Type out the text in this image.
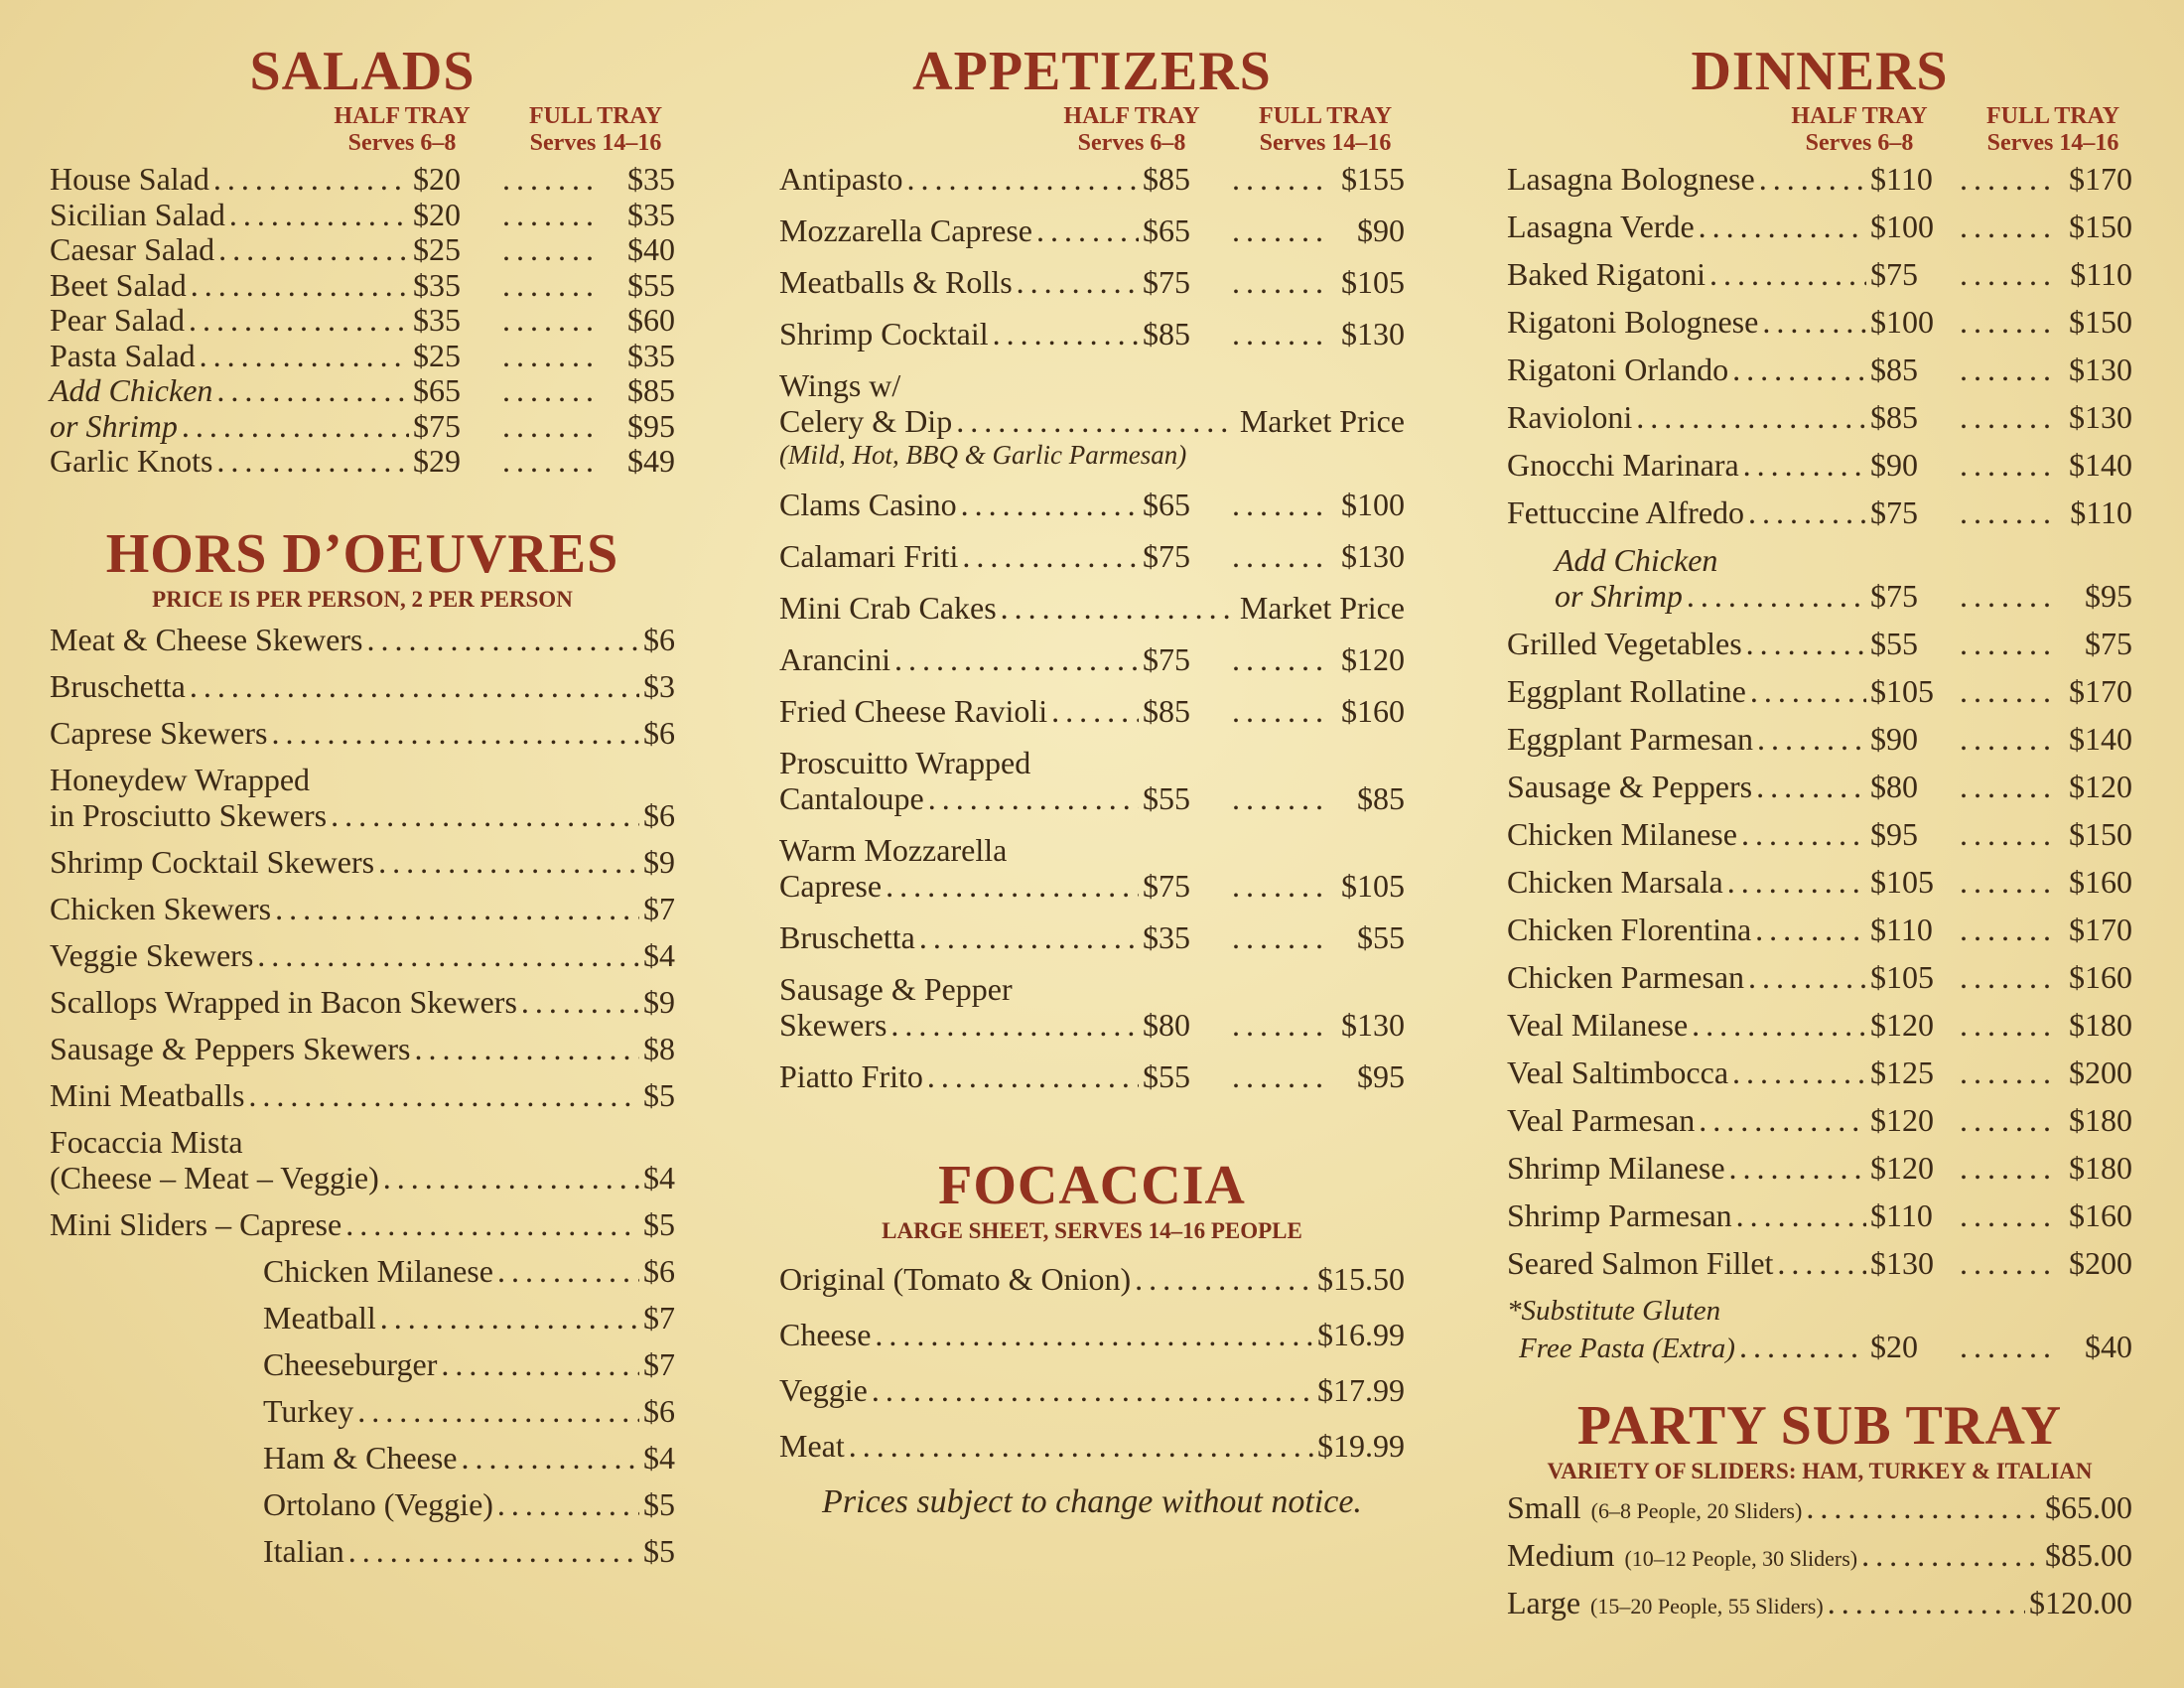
SALADS
HALF TRAY
Serves 6–8
FULL TRAY
Serves 14–16
House Salad . . .	$20 . . .	$35
Sicilian Salad . . .	$20 . . .	$35
Caesar Salad . . .	$25 . . .	$40
Beet Salad . . .	$35 . . .	$55
Pear Salad . . .	$35 . . .	$60
Pasta Salad . . .	$25 . . .	$35
Add Chicken . . .	$65 . . .	$85
or Shrimp . . .	$75 . . .	$95
Garlic Knots . . .	$29 . . .	$49
HORS D’OEUVRES
PRICE IS PER PERSON, 2 PER PERSON
Meat & Cheese Skewers . . .	$6
Bruschetta . . .	$3
Caprese Skewers . . .	$6
Honeydew Wrapped
in Prosciutto Skewers . . .	$6
Shrimp Cocktail Skewers . . .	$9
Chicken Skewers . . .	$7
Veggie Skewers . . .	$4
Scallops Wrapped in Bacon Skewers . . .	$9
Sausage & Peppers Skewers . . .	$8
Mini Meatballs . . .	$5
Focaccia Mista
(Cheese – Meat – Veggie) . . .	$4
Mini Sliders – Caprese . . .	$5
Chicken Milanese . . .	$6
Meatball . . .	$7
Cheeseburger . . .	$7
Turkey . . .	$6
Ham & Cheese . . .	$4
Ortolano (Veggie) . . .	$5
Italian . . .	$5
APPETIZERS
HALF TRAY
Serves 6–8
FULL TRAY
Serves 14–16
Antipasto . . .	$85 . . .	$155
Mozzarella Caprese . . .	$65 . . .	$90
Meatballs & Rolls . . .	$75 . . .	$105
Shrimp Cocktail . . .	$85 . . .	$130
Wings w/
Celery & Dip . . .	Market Price
(Mild, Hot, BBQ & Garlic Parmesan)
Clams Casino . . .	$65 . . .	$100
Calamari Friti . . .	$75 . . .	$130
Mini Crab Cakes . . .	Market Price
Arancini . . .	$75 . . .	$120
Fried Cheese Ravioli . . .	$85 . . .	$160
Proscuitto Wrapped
Cantaloupe . . .	$55 . . .	$85
Warm Mozzarella
Caprese . . .	$75 . . .	$105
Bruschetta . . .	$35 . . .	$55
Sausage & Pepper
Skewers . . .	$80 . . .	$130
Piatto Frito . . .	$55 . . .	$95
FOCACCIA
LARGE SHEET, SERVES 14–16 PEOPLE
Original (Tomato & Onion) . . .	$15.50
Cheese . . .	$16.99
Veggie . . .	$17.99
Meat . . .	$19.99
Prices subject to change without notice.
DINNERS
HALF TRAY
Serves 6–8
FULL TRAY
Serves 14–16
Lasagna Bolognese . . .	$110 . . .	$170
Lasagna Verde . . .	$100 . . .	$150
Baked Rigatoni . . .	$75 . . .	$110
Rigatoni Bolognese . . .	$100 . . .	$150
Rigatoni Orlando . . .	$85 . . .	$130
Ravioloni . . .	$85 . . .	$130
Gnocchi Marinara . . .	$90 . . .	$140
Fettuccine Alfredo . . .	$75 . . .	$110
Add Chicken
or Shrimp . . .	$75 . . .	$95
Grilled Vegetables . . .	$55 . . .	$75
Eggplant Rollatine . . .	$105 . . .	$170
Eggplant Parmesan . . .	$90 . . .	$140
Sausage & Peppers . . .	$80 . . .	$120
Chicken Milanese . . .	$95 . . .	$150
Chicken Marsala . . .	$105 . . .	$160
Chicken Florentina . . .	$110 . . .	$170
Chicken Parmesan . . .	$105 . . .	$160
Veal Milanese . . .	$120 . . .	$180
Veal Saltimbocca . . .	$125 . . .	$200
Veal Parmesan . . .	$120 . . .	$180
Shrimp Milanese . . .	$120 . . .	$180
Shrimp Parmesan . . .	$110 . . .	$160
Seared Salmon Fillet . . .	$130 . . .	$200
*Substitute Gluten
Free Pasta (Extra) . . .	$20 . . .	$40
PARTY SUB TRAY
VARIETY OF SLIDERS: HAM, TURKEY & ITALIAN
Small (6–8 People, 20 Sliders) . . .	$65.00
Medium (10–12 People, 30 Sliders) . . .	$85.00
Large (15–20 People, 55 Sliders) . . .	$120.00
